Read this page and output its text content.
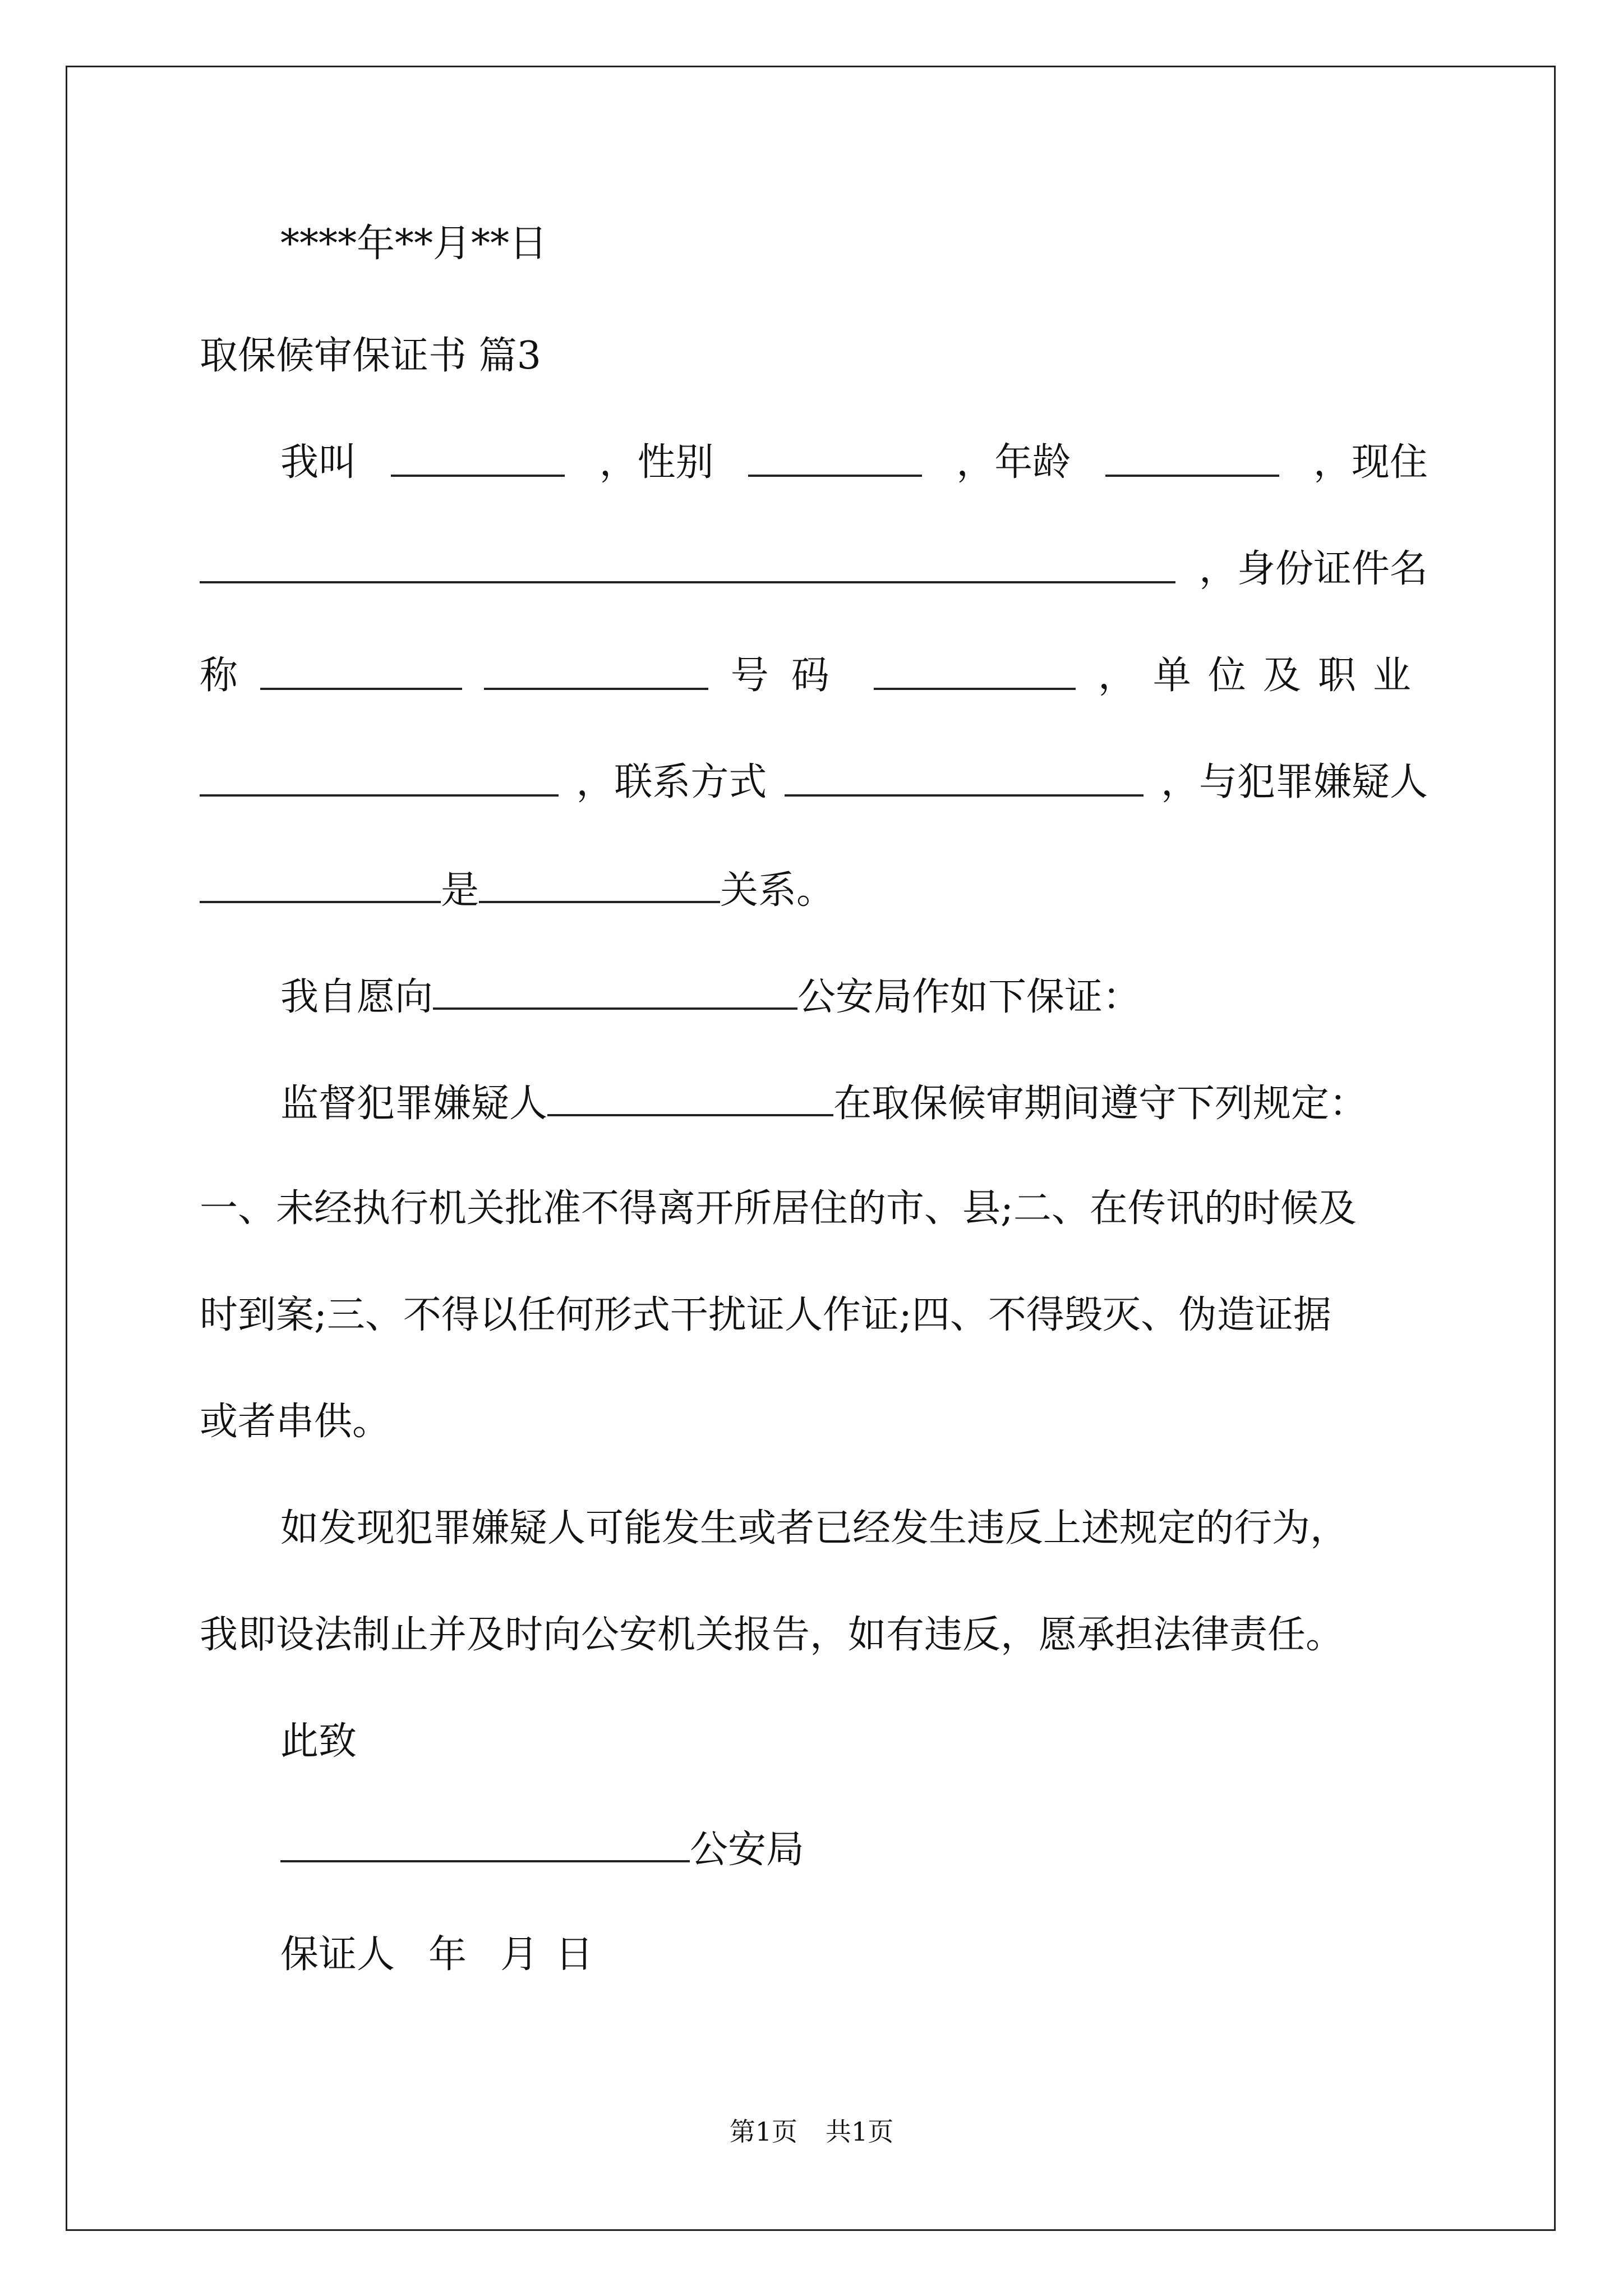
****年**月**日
取保候审保证书 篇3
我叫	，性别	，年龄	，现住
，身份证件名
称	号码	，单位及职业
，联系方式	，与犯罪嫌疑人
是	关系。
我自愿向	公安局作如下保证：
监督犯罪嫌疑人	在取保候审期间遵守下列规定：
一、未经执行机关批准不得离开所居住的市、县;二、在传讯的时候及
时到案;三、不得以任何形式干扰证人作证;四、不得毁灭、伪造证据
或者串供。
如发现犯罪嫌疑人可能发生或者已经发生违反上述规定的行为，
我即设法制止并及时向公安机关报告，如有违反，愿承担法律责任。
此致
公安局
保证人 年 月 日
第1页 共1页
